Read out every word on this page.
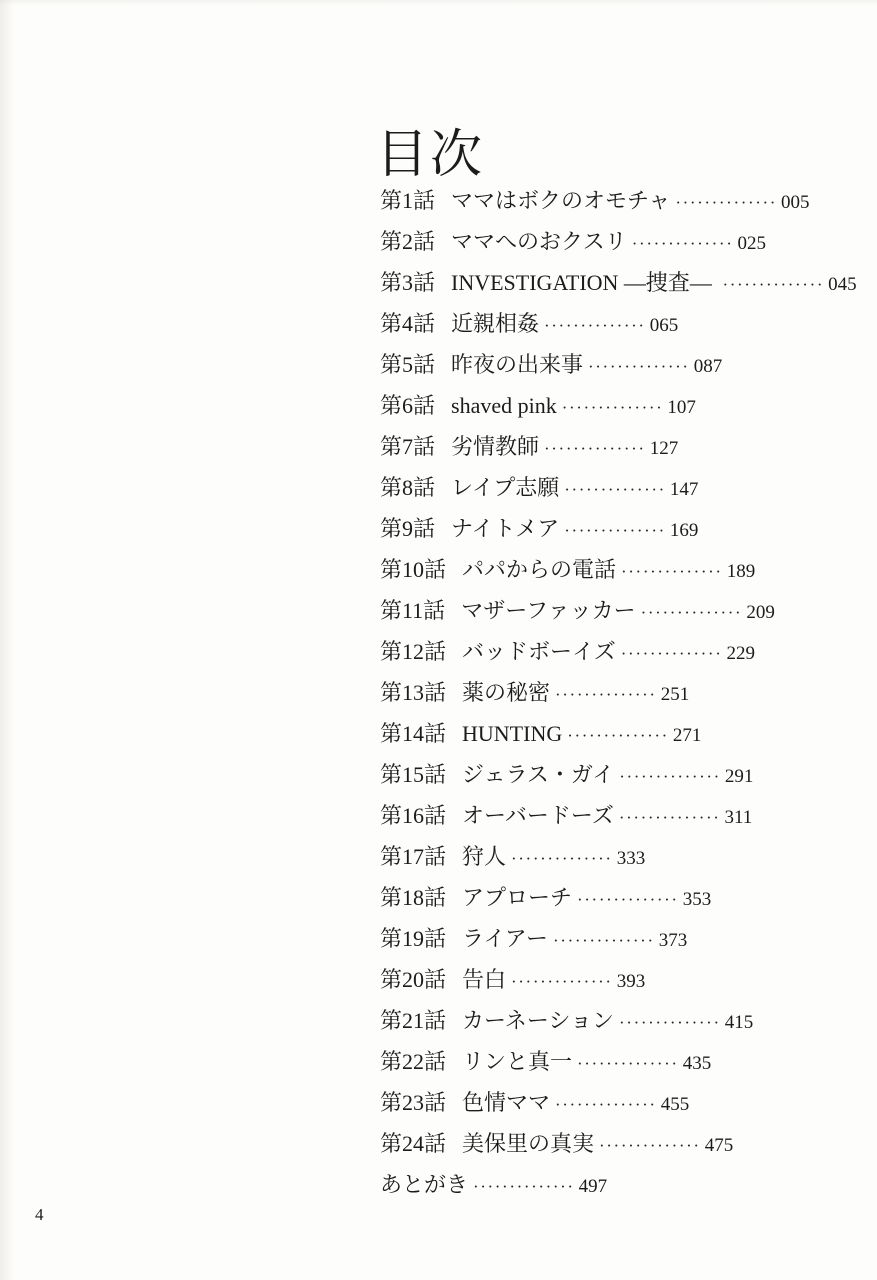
目次
第1話 ママはボクのオモチャ ·············· 005
第2話 ママへのおクスリ ·············· 025
第3話 INVESTIGATION ―捜査― ·············· 045
第4話 近親相姦 ·············· 065
第5話 昨夜の出来事 ·············· 087
第6話 shaved pink ·············· 107
第7話 劣情教師 ·············· 127
第8話 レイプ志願 ·············· 147
第9話 ナイトメア ·············· 169
第10話 パパからの電話 ·············· 189
第11話 マザーファッカー ·············· 209
第12話 バッドボーイズ ·············· 229
第13話 薬の秘密 ·············· 251
第14話 HUNTING ·············· 271
第15話 ジェラス・ガイ ·············· 291
第16話 オーバードーズ ·············· 311
第17話 狩人 ·············· 333
第18話 アプローチ ·············· 353
第19話 ライアー ·············· 373
第20話 告白 ·············· 393
第21話 カーネーション ·············· 415
第22話 リンと真一 ·············· 435
第23話 色情ママ ·············· 455
第24話 美保里の真実 ·············· 475
あとがき ·············· 497
4
